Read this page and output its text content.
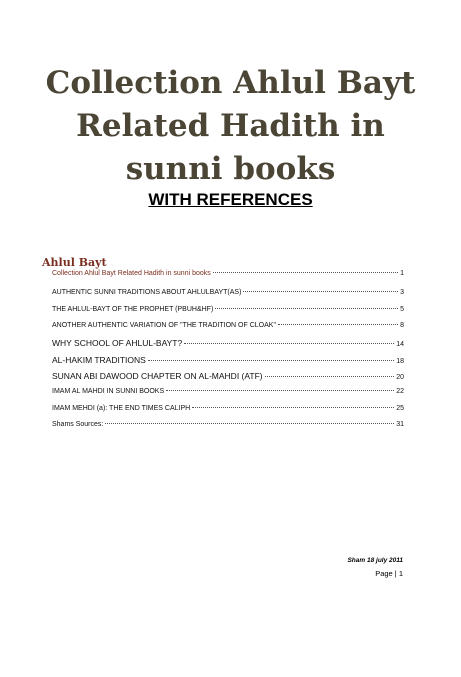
Collection Ahlul Bayt
Related Hadith in
sunni books
WITH REFERENCES
Ahlul Bayt
Collection Ahlul Bayt Related Hadith in sunni books	1
AUTHENTIC SUNNI TRADITIONS ABOUT AHLULBAYT(AS)	3
THE AHLUL-BAYT OF THE PROPHET (PBUH&HF)	5
ANOTHER AUTHENTIC VARIATION OF "THE TRADITION OF CLOAK"	8
WHY SCHOOL OF AHLUL-BAYT?	14
AL-HAKIM TRADITIONS	18
SUNAN ABI DAWOOD CHAPTER ON AL-MAHDI (ATF)	20
IMAM AL MAHDI IN SUNNI BOOKS	22
IMAM MEHDI (a): THE END TIMES CALIPH	25
Shams Sources:	31
Sham 18 july 2011
Page | 1
